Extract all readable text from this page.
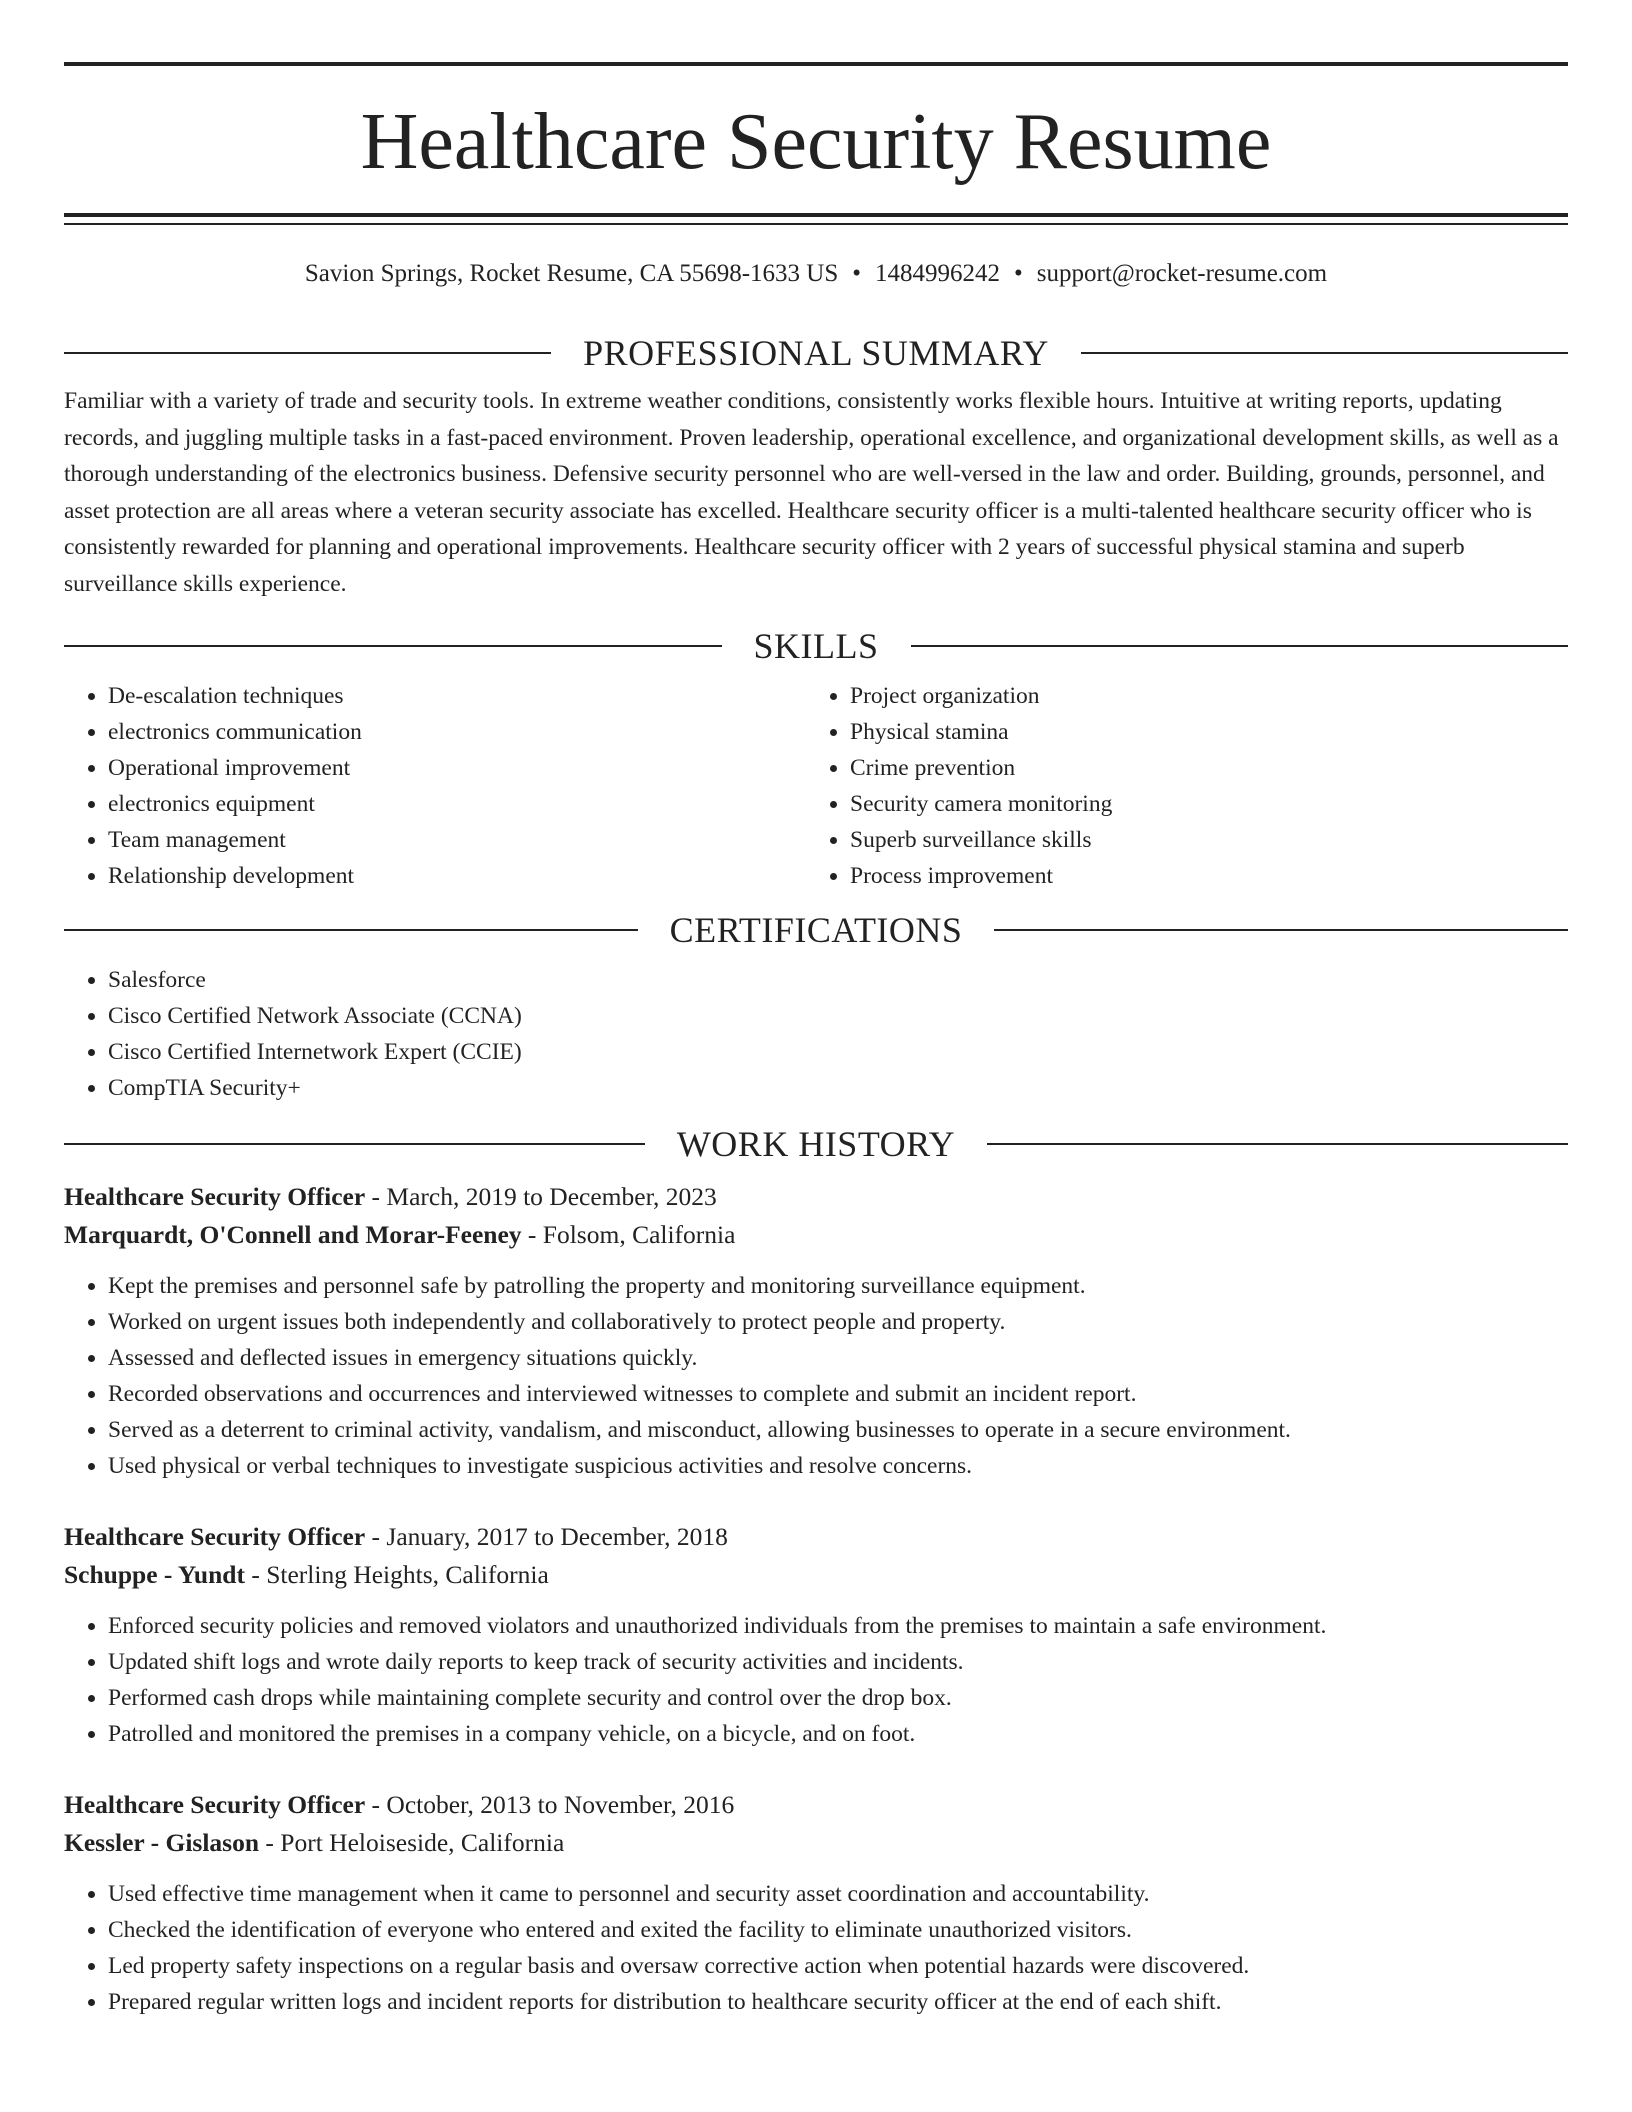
Healthcare Security Resume
Savion Springs, Rocket Resume, CA 55698-1633 US • 1484996242 • support@rocket-resume.com
PROFESSIONAL SUMMARY

Familiar with a variety of trade and security tools. In extreme weather conditions, consistently works flexible hours. Intuitive at writing reports, updating records, and juggling multiple tasks in a fast-paced environment. Proven leadership, operational excellence, and organizational development skills, as well as a thorough understanding of the electronics business. Defensive security personnel who are well-versed in the law and order. Building, grounds, personnel, and asset protection are all areas where a veteran security associate has excelled. Healthcare security officer is a multi-talented healthcare security officer who is consistently rewarded for planning and operational improvements. Healthcare security officer with 2 years of successful physical stamina and superb surveillance skills experience.

SKILLS
• De-escalation techniques
• electronics communication
• Operational improvement
• electronics equipment
• Team management
• Relationship development
• Project organization
• Physical stamina
• Crime prevention
• Security camera monitoring
• Superb surveillance skills
• Process improvement
CERTIFICATIONS
• Salesforce
• Cisco Certified Network Associate (CCNA)
• Cisco Certified Internetwork Expert (CCIE)
• CompTIA Security+
WORK HISTORY
Healthcare Security Officer - March, 2019 to December, 2023
Marquardt, O'Connell and Morar-Feeney - Folsom, California
• Kept the premises and personnel safe by patrolling the property and monitoring surveillance equipment.
• Worked on urgent issues both independently and collaboratively to protect people and property.
• Assessed and deflected issues in emergency situations quickly.
• Recorded observations and occurrences and interviewed witnesses to complete and submit an incident report.
• Served as a deterrent to criminal activity, vandalism, and misconduct, allowing businesses to operate in a secure environment.
• Used physical or verbal techniques to investigate suspicious activities and resolve concerns.
Healthcare Security Officer - January, 2017 to December, 2018
Schuppe - Yundt - Sterling Heights, California
• Enforced security policies and removed violators and unauthorized individuals from the premises to maintain a safe environment.
• Updated shift logs and wrote daily reports to keep track of security activities and incidents.
• Performed cash drops while maintaining complete security and control over the drop box.
• Patrolled and monitored the premises in a company vehicle, on a bicycle, and on foot.
Healthcare Security Officer - October, 2013 to November, 2016
Kessler - Gislason - Port Heloiseside, California
• Used effective time management when it came to personnel and security asset coordination and accountability.
• Checked the identification of everyone who entered and exited the facility to eliminate unauthorized visitors.
• Led property safety inspections on a regular basis and oversaw corrective action when potential hazards were discovered.
• Prepared regular written logs and incident reports for distribution to healthcare security officer at the end of each shift.
